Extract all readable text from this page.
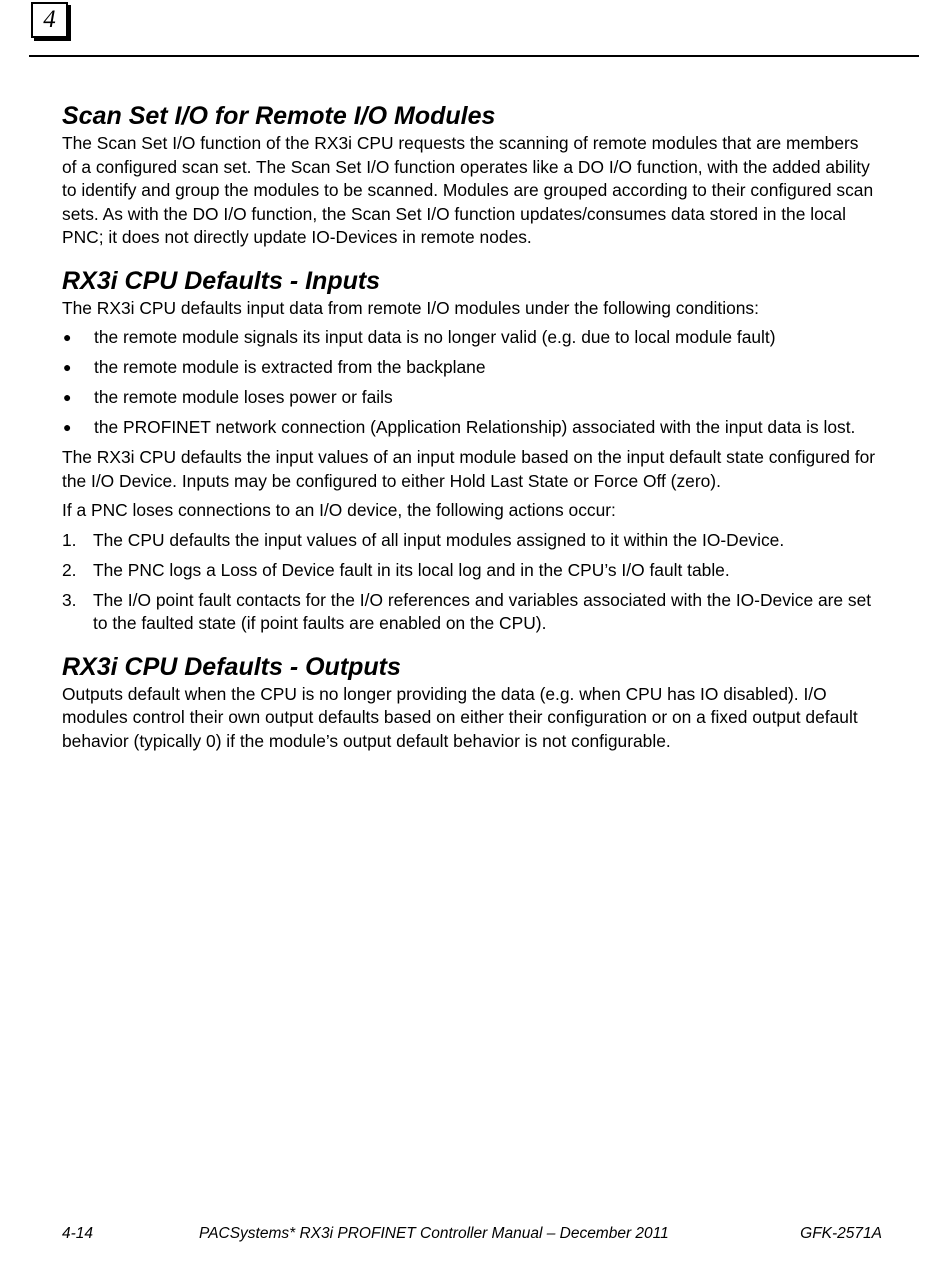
4
Scan Set I/O for Remote I/O Modules

The Scan Set I/O function of the RX3i CPU requests the scanning of remote modules that are members of a configured scan set. The Scan Set I/O function operates like a DO I/O function, with the added ability to identify and group the modules to be scanned. Modules are grouped according to their configured scan sets. As with the DO I/O function, the Scan Set I/O function updates/consumes data stored in the local PNC; it does not directly update IO-Devices in remote nodes.

RX3i CPU Defaults - Inputs

The RX3i CPU defaults input data from remote I/O modules under the following conditions:

●	the remote module signals its input data is no longer valid (e.g. due to local module fault)
●	the remote module is extracted from the backplane
●	the remote module loses power or fails
●	the PROFINET network connection (Application Relationship) associated with the input data is lost.

The RX3i CPU defaults the input values of an input module based on the input default state configured for the I/O Device. Inputs may be configured to either Hold Last State or Force Off (zero).

If a PNC loses connections to an I/O device, the following actions occur:

1. The CPU defaults the input values of all input modules assigned to it within the IO-Device.
2. The PNC logs a Loss of Device fault in its local log and in the CPU’s I/O fault table.
3. The I/O point fault contacts for the I/O references and variables associated with the IO-Device are set to the faulted state (if point faults are enabled on the CPU).
RX3i CPU Defaults - Outputs

Outputs default when the CPU is no longer providing the data (e.g. when CPU has IO disabled). I/O modules control their own output defaults based on either their configuration or on a fixed output default behavior (typically 0) if the module’s output default behavior is not configurable.

4-14	PACSystems* RX3i PROFINET Controller Manual – December 2011	GFK-2571A
